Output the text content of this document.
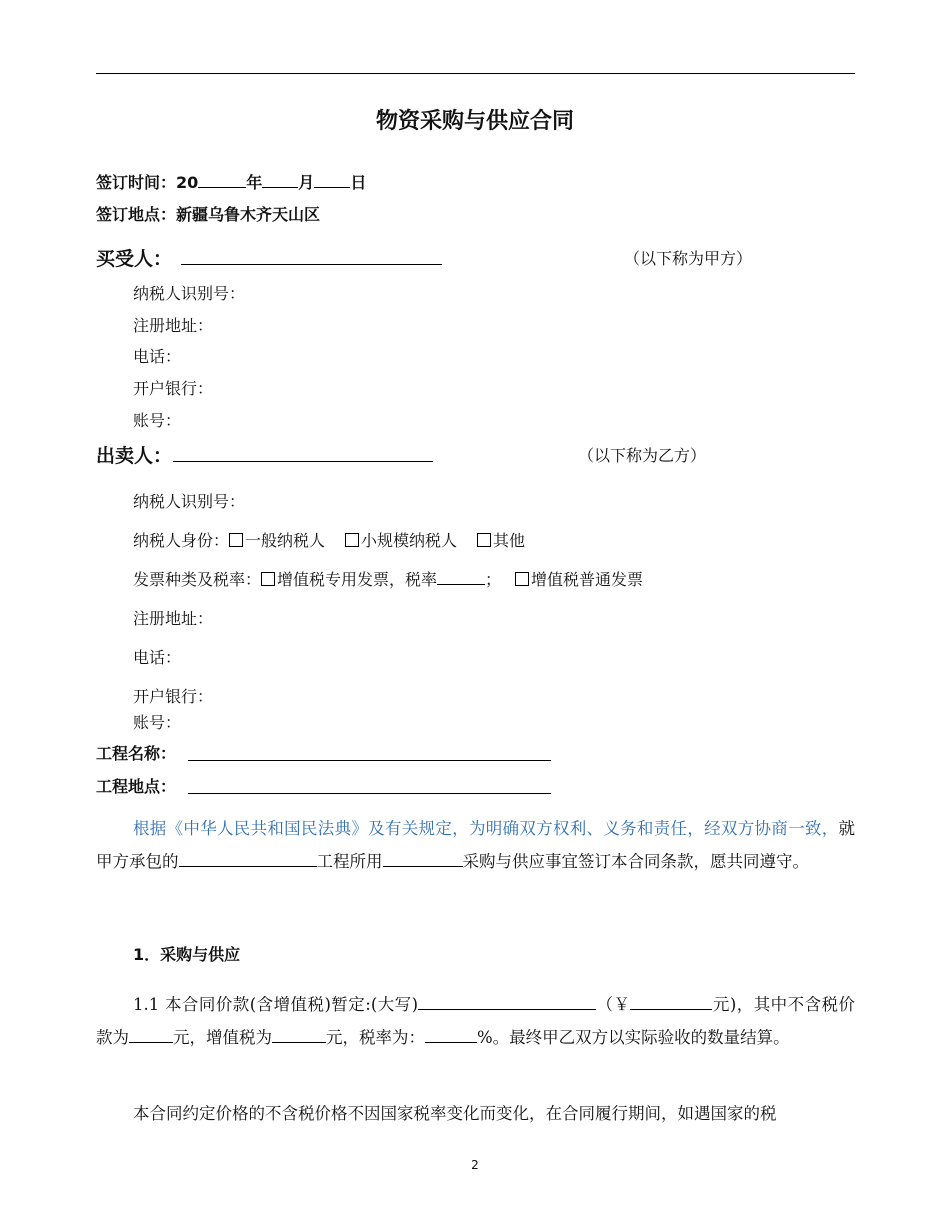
物资采购与供应合同
签订时间：20	年 月 日
签订地点：新疆乌鲁木齐天山区
买受人：	（以下称为甲方）
纳税人识别号：
注册地址：
电话：
开户银行：
账号：
出卖人：	（以下称为乙方）
纳税人识别号：
纳税人身份： 一般纳税人 小规模纳税人 其他
发票种类及税率： 增值税专用发票，税率	； 增值税普通发票
注册地址：
电话：
开户银行：
账号：
工程名称：
工程地点：
根据《中华人民共和国民法典》及有关规定，为明确双方权利、义务和责任，经双方协商一致，就甲方承包的	工程所用	采购与供应事宜签订本合同条款，愿共同遵守。
1．采购与供应
1.1 本合同价款(含增值税)暂定:(大写)	（￥	元)，其中不含税价款为	元，增值税为	元，税率为：	%。最终甲乙双方以实际验收的数量结算。
本合同约定价格的不含税价格不因国家税率变化而变化，在合同履行期间，如遇国家的税
2
